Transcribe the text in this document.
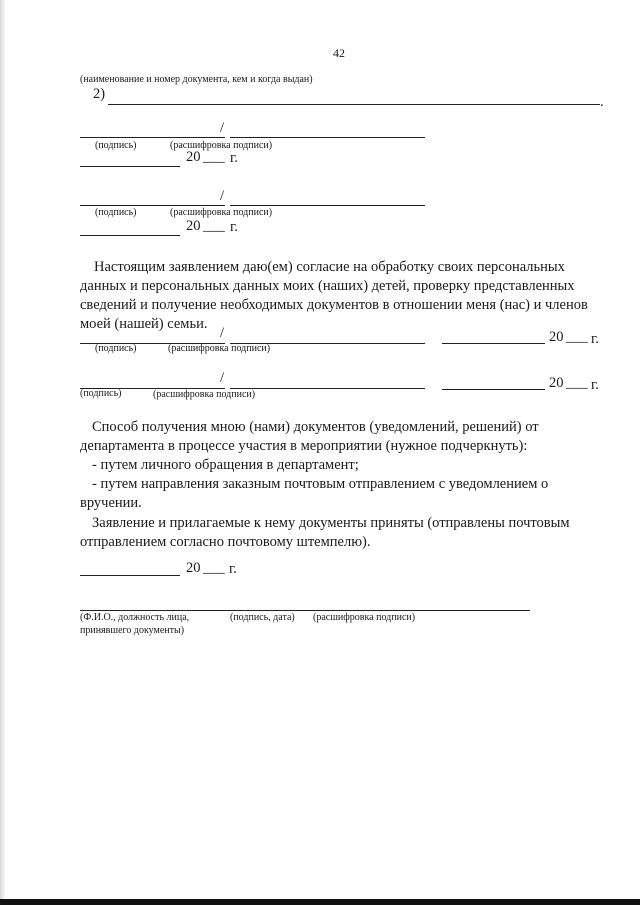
42
(наименование и номер документа, кем и когда выдан)
2)	.
/
(подпись)	(расшифровка подписи)
20 ___ г.
/
(подпись)	(расшифровка подписи)
20 ___ г.
Настоящим заявлением даю(ем) согласие на обработку своих персональных
данных и персональных данных моих (наших) детей, проверку представленных
сведений и получение необходимых документов в отношении меня (нас) и членов
моей (нашей) семьи.
/
(подпись)	(расшифровка подписи)
20 ___ г.
/
(подпись)	(расшифровка подписи)
20 ___ г.
Способ получения мною (нами) документов (уведомлений, решений) от
департамента в процессе участия в мероприятии (нужное подчеркнуть):
- путем личного обращения в департамент;
- путем направления заказным почтовым отправлением с уведомлением о
вручении.
Заявление и прилагаемые к нему документы приняты (отправлены почтовым
отправлением согласно почтовому штемпелю).
20 ___ г.
(Ф.И.О., должность лица,	(подпись, дата) (расшифровка подписи)
принявшего документы)
